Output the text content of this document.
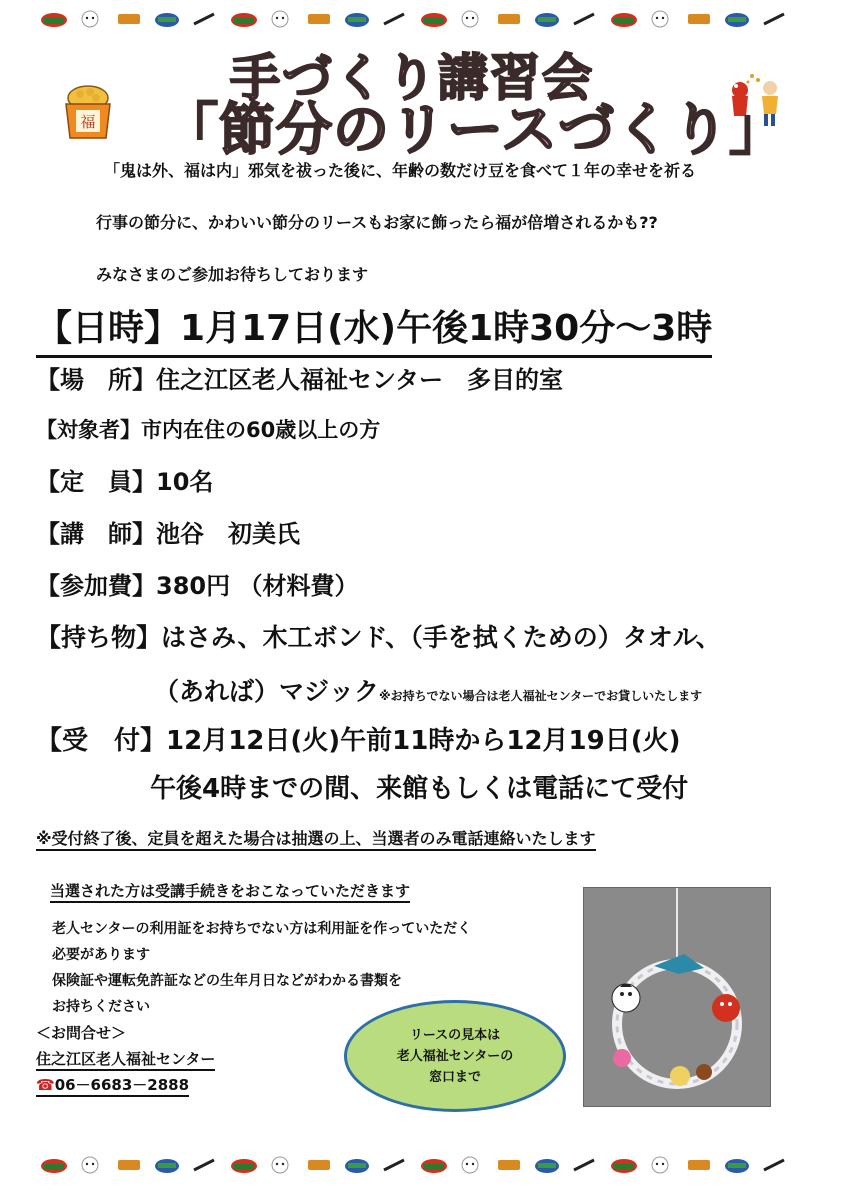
福
手づくり講習会
「節分のリースづくり」
「鬼は外、福は内」邪気を祓った後に、年齢の数だけ豆を食べて１年の幸せを祈る
行事の節分に、かわいい節分のリースもお家に飾ったら福が倍増されるかも??
みなさまのご参加お待ちしております
【日時】1月17日(水)午後1時30分～3時
【場　所】住之江区老人福祉センター　多目的室
【対象者】市内在住の60歳以上の方
【定　員】10名
【講　師】池谷　初美氏
【参加費】380円 （材料費）
【持ち物】はさみ、木工ボンド、（手を拭くための）タオル、
（あれば）マジック※お持ちでない場合は老人福祉センターでお貸しいたします
【受　付】12月12日(火)午前11時から12月19日(火)
午後4時までの間、来館もしくは電話にて受付
※受付終了後、定員を超えた場合は抽選の上、当選者のみ電話連絡いたします
当選された方は受講手続きをおこなっていただきます
老人センターの利用証をお持ちでない方は利用証を作っていただく
必要があります
保険証や運転免許証などの生年月日などがわかる書類を
お持ちください
＜お問合せ＞
住之江区老人福祉センター
☎06－6683－2888
リースの見本は
老人福祉センターの
窓口まで
